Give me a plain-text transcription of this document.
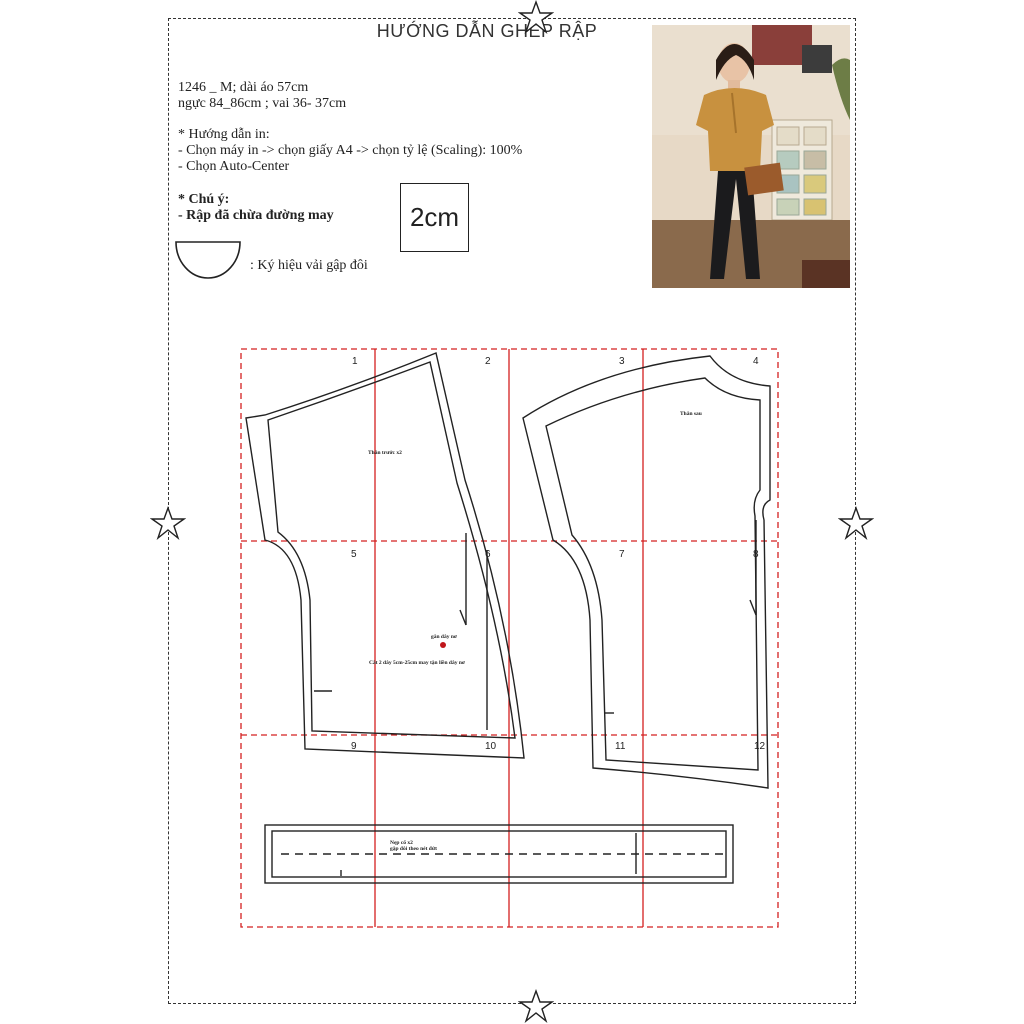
HƯỚNG DẪN GHÉP RẬP
1246 _ M; dài áo 57cm
ngực 84_86cm ; vai 36- 37cm
* Hướng dẫn in:
- Chọn máy in -> chọn giấy A4 -> chọn tỷ lệ (Scaling): 100%
- Chọn Auto-Center
* Chú ý:
- Rập đã chừa đường may	2cm
: Ký hiệu vải gập đôi
1	2	3	4
5	6	7	8
9	10	11	12
Thân trước x2
Thân sau
gắn dây nơ
Cắt 2 dây 5cm-25cm may tận liền dây nơ
Nẹp cổ x2
gập đôi theo nét đứt
